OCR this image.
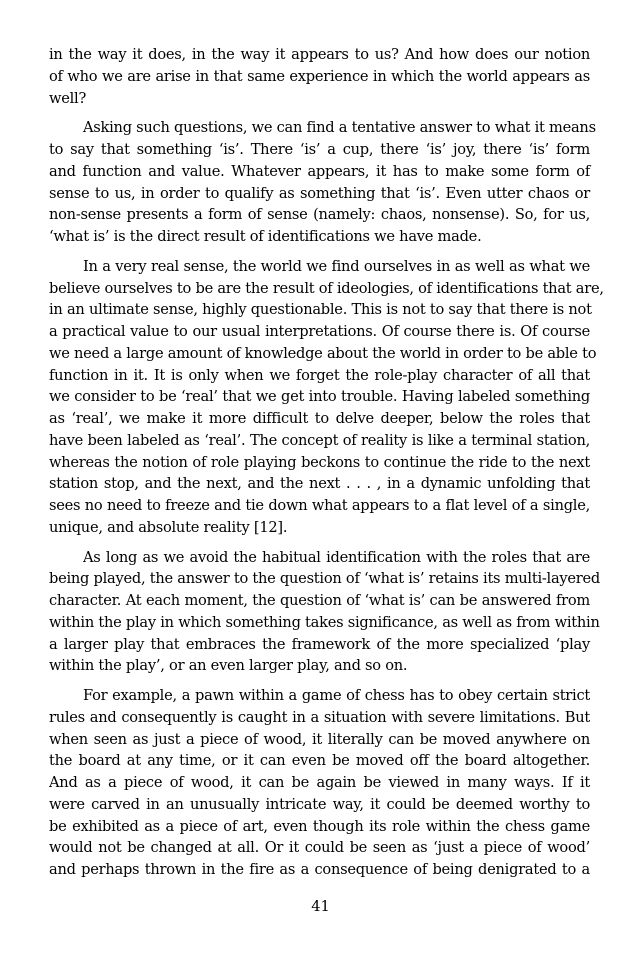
in the way it does, in the way it appears to us? And how does our notion
of who we are arise in that same experience in which the world appears as
well?

Asking such questions, we can find a tentative answer to what it means
to say that something ‘is’. There ‘is’ a cup, there ‘is’ joy, there ‘is’ form
and function and value. Whatever appears, it has to make some form of
sense to us, in order to qualify as something that ‘is’. Even utter chaos or
non-sense presents a form of sense (namely: chaos, nonsense). So, for us,
‘what is’ is the direct result of identifications we have made.

In a very real sense, the world we find ourselves in as well as what we
believe ourselves to be are the result of ideologies, of identifications that are,
in an ultimate sense, highly questionable. This is not to say that there is not
a practical value to our usual interpretations. Of course there is. Of course
we need a large amount of knowledge about the world in order to be able to
function in it. It is only when we forget the role-play character of all that
we consider to be ‘real’ that we get into trouble. Having labeled something
as ‘real’, we make it more difficult to delve deeper, below the roles that
have been labeled as ‘real’. The concept of reality is like a terminal station,
whereas the notion of role playing beckons to continue the ride to the next
station stop, and the next, and the next . . . , in a dynamic unfolding that
sees no need to freeze and tie down what appears to a flat level of a single,
unique, and absolute reality [12].

As long as we avoid the habitual identification with the roles that are
being played, the answer to the question of ‘what is’ retains its multi-layered
character. At each moment, the question of ‘what is’ can be answered from
within the play in which something takes significance, as well as from within
a larger play that embraces the framework of the more specialized ‘play
within the play’, or an even larger play, and so on.

For example, a pawn within a game of chess has to obey certain strict
rules and consequently is caught in a situation with severe limitations. But
when seen as just a piece of wood, it literally can be moved anywhere on
the board at any time, or it can even be moved off the board altogether.
And as a piece of wood, it can be again be viewed in many ways. If it
were carved in an unusually intricate way, it could be deemed worthy to
be exhibited as a piece of art, even though its role within the chess game
would not be changed at all. Or it could be seen as ‘just a piece of wood’
and perhaps thrown in the fire as a consequence of being denigrated to a

41
